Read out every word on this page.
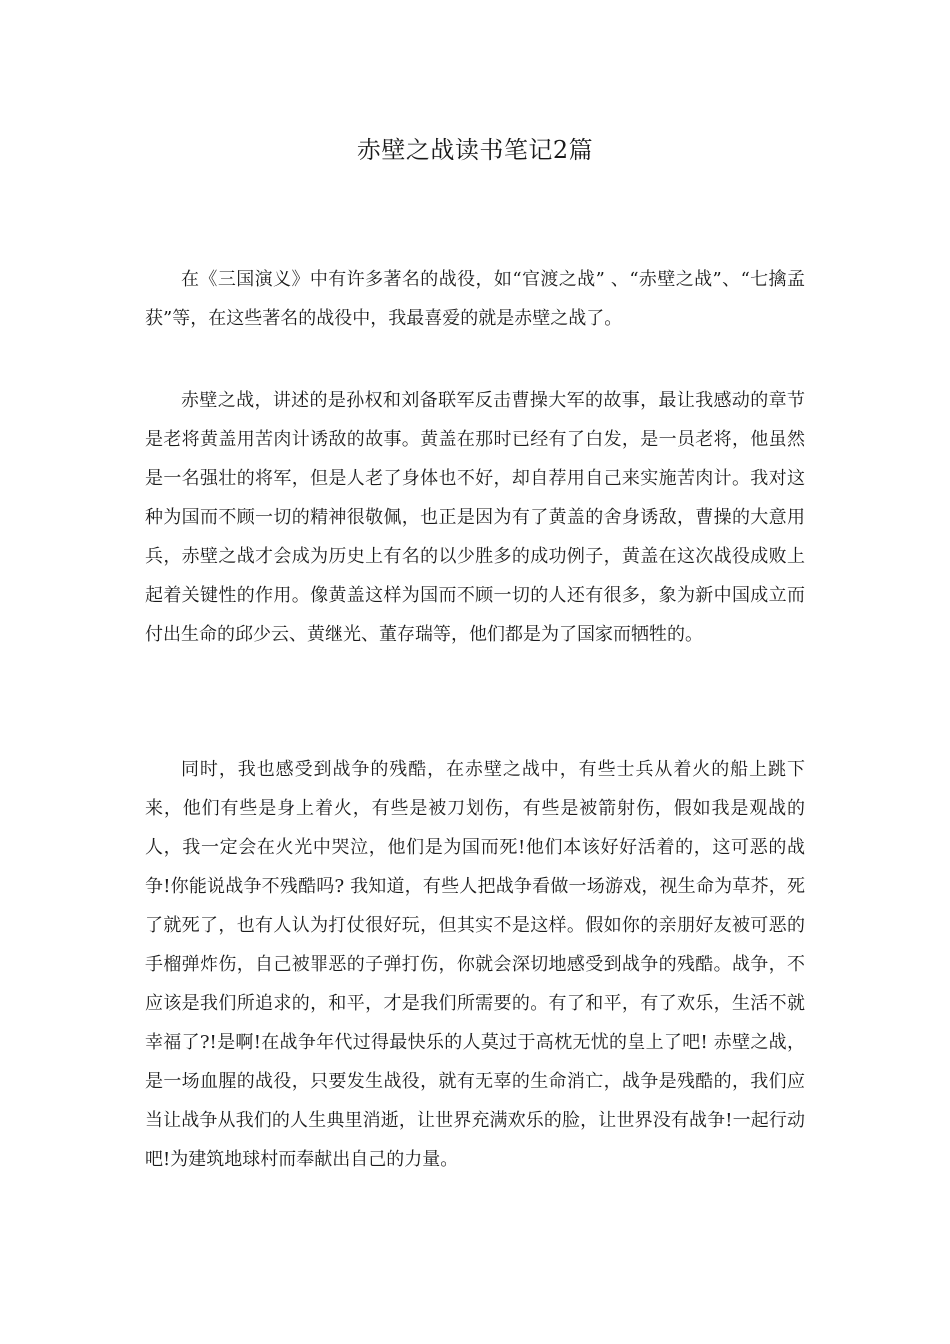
赤壁之战读书笔记2篇

在《三国演义》中有许多著名的战役，如“官渡之战” 、“赤壁之战”、“七擒孟获”等，在这些著名的战役中，我最喜爱的就是赤壁之战了。

赤壁之战，讲述的是孙权和刘备联军反击曹操大军的故事，最让我感动的章节是老将黄盖用苦肉计诱敌的故事。黄盖在那时已经有了白发，是一员老将，他虽然是一名强壮的将军，但是人老了身体也不好，却自荐用自己来实施苦肉计。我对这种为国而不顾一切的精神很敬佩，也正是因为有了黄盖的舍身诱敌，曹操的大意用兵，赤壁之战才会成为历史上有名的以少胜多的成功例子，黄盖在这次战役成败上起着关键性的作用。像黄盖这样为国而不顾一切的人还有很多，象为新中国成立而付出生命的邱少云、黄继光、董存瑞等，他们都是为了国家而牺牲的。

同时，我也感受到战争的残酷，在赤壁之战中，有些士兵从着火的船上跳下来，他们有些是身上着火，有些是被刀划伤，有些是被箭射伤，假如我是观战的人，我一定会在火光中哭泣，他们是为国而死!他们本该好好活着的，这可恶的战争!你能说战争不残酷吗? 我知道，有些人把战争看做一场游戏，视生命为草芥，死了就死了，也有人认为打仗很好玩，但其实不是这样。假如你的亲朋好友被可恶的手榴弹炸伤，自己被罪恶的子弹打伤，你就会深切地感受到战争的残酷。战争，不应该是我们所追求的，和平，才是我们所需要的。有了和平，有了欢乐，生活不就幸福了?!是啊!在战争年代过得最快乐的人莫过于高枕无忧的皇上了吧! 赤壁之战，是一场血腥的战役，只要发生战役，就有无辜的生命消亡，战争是残酷的，我们应当让战争从我们的人生典里消逝，让世界充满欢乐的脸，让世界没有战争!一起行动吧!为建筑地球村而奉献出自己的力量。
